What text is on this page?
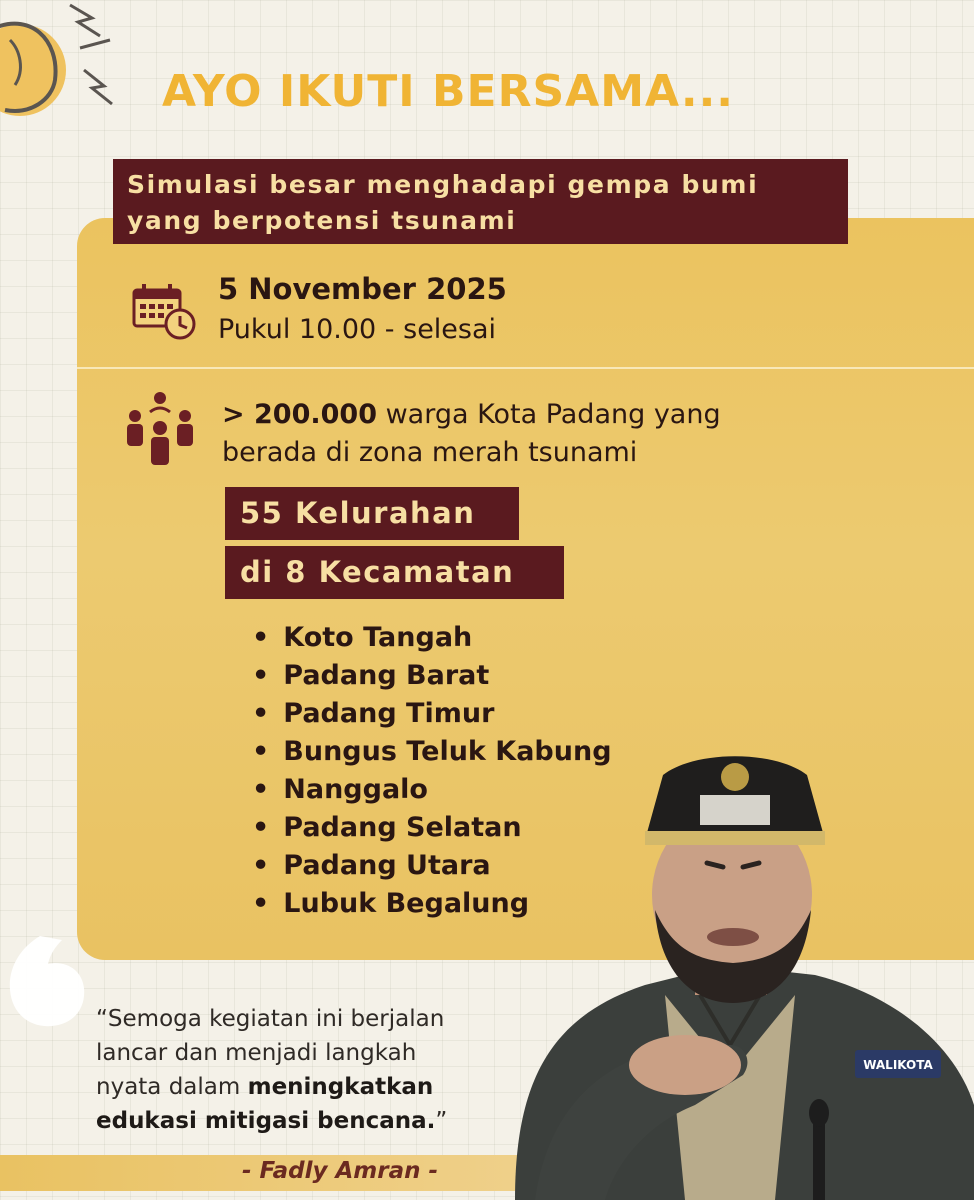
AYO IKUTI BERSAMA...
Simulasi besar menghadapi gempa bumi
yang berpotensi tsunami
5 November 2025
Pukul 10.00 - selesai
> 200.000 warga Kota Padang yang
berada di zona merah tsunami
55 Kelurahan
di 8 Kecamatan
• Koto Tangah
• Padang Barat
• Padang Timur
• Bungus Teluk Kabung
• Nanggalo
• Padang Selatan
• Padang Utara
• Lubuk Begalung
“Semoga kegiatan ini berjalan
lancar dan menjadi langkah
nyata dalam meningkatkan
edukasi mitigasi bencana.”
- Fadly Amran -
WALIKOTA
